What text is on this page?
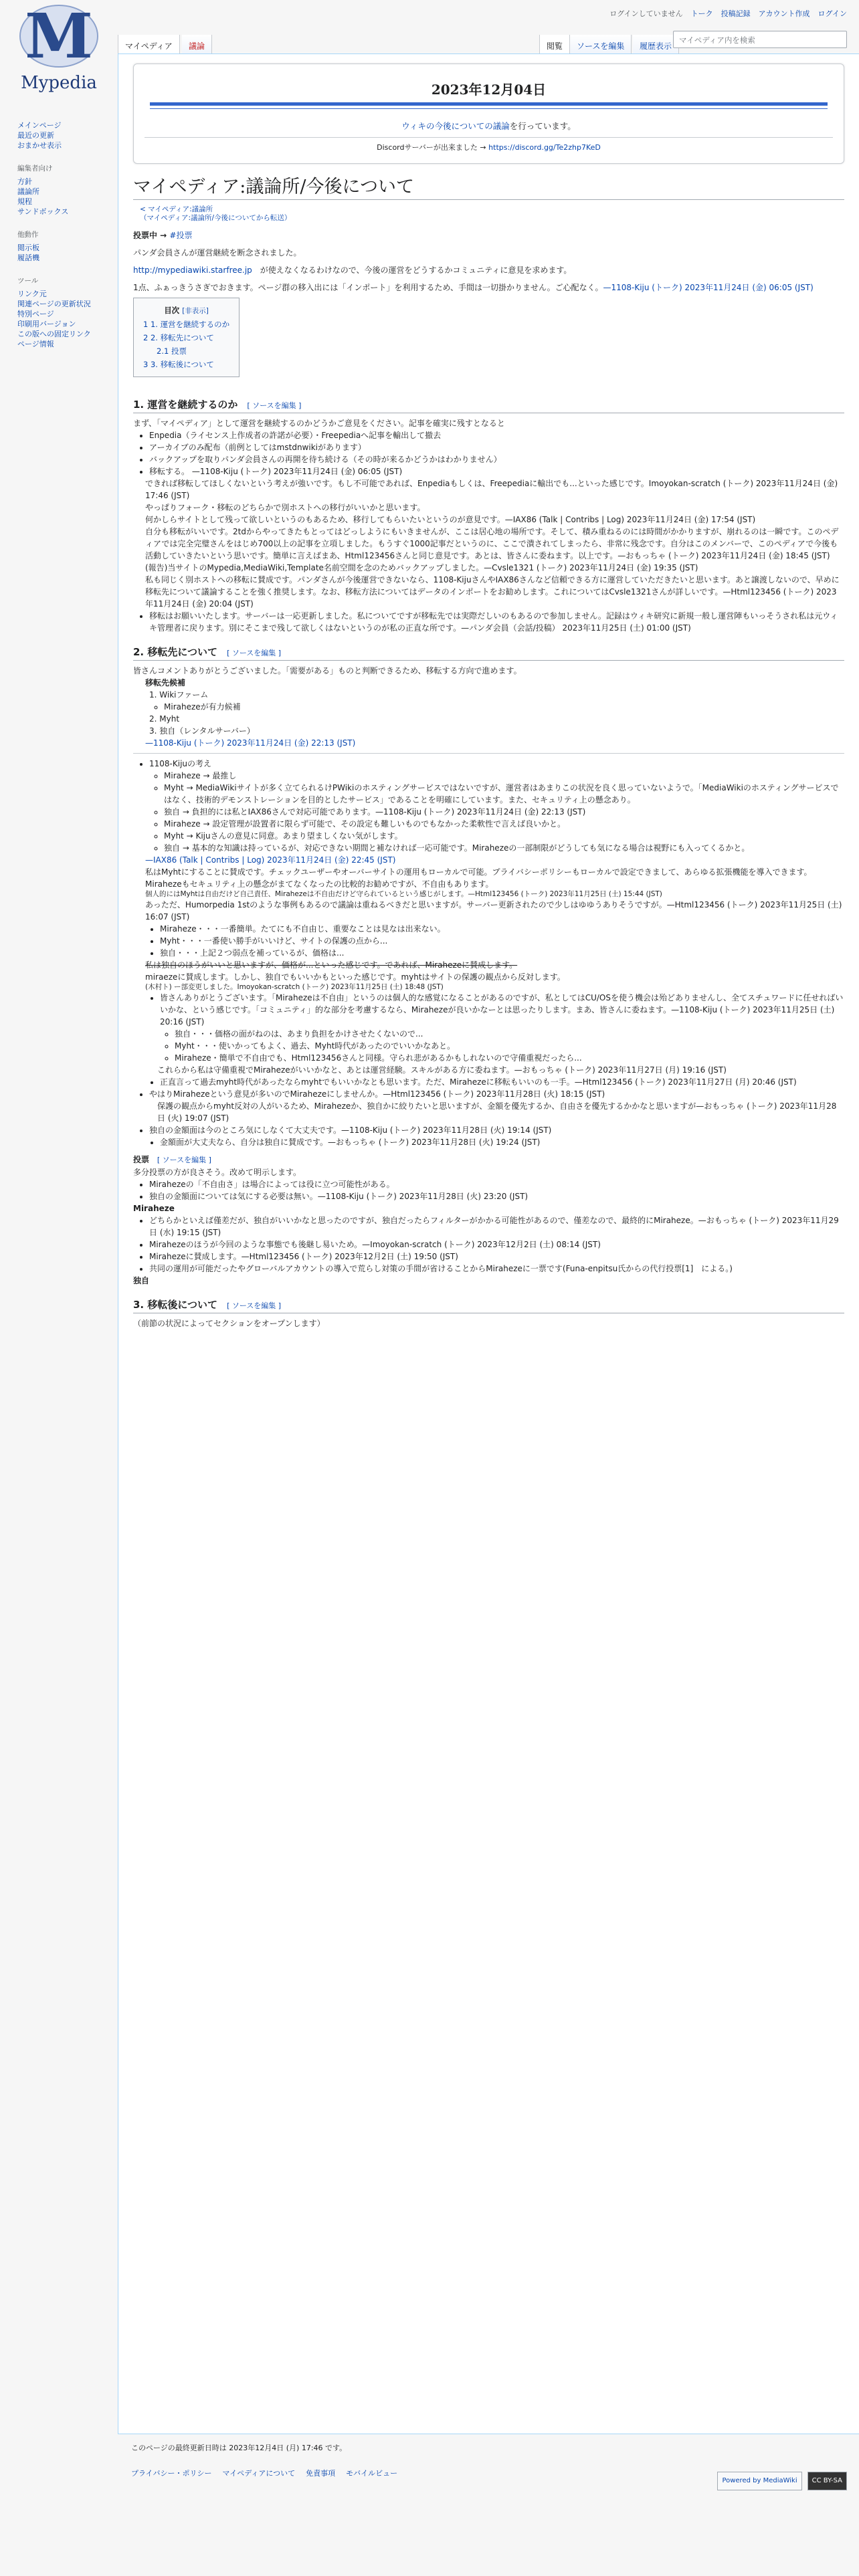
M
Mypedia
ログインしていません トーク 投稿記録 アカウント作成 ログイン
マイペディア	議論	閲覧	ソースを編集	履歴表示
マイペディア内を検索
メインページ
最近の更新
おまかせ表示
編集者向け
方針
議論所
規程
サンドボックス
他動作
閲示板
履話機
ツール
リンク元
関連ページの更新状況
特別ページ
印刷用バージョン
この版への固定リンク
ページ情報
2023年12月04日
ウィキの今後についての議論を行っています。
Discordサーバーが出来ました → https://discord.gg/Te2zhp7KeD
マイペディア:議論所/今後について
< マイペディア:議論所
（マイペディア:議論所/今後についてから転送）

投票中 → #投票

パンダ会員さんが運営継続を断念されました。

http://mypediawiki.starfree.jp　が使えなくなるわけなので、今後の運営をどうするかコミュニティに意見を求めます。

1点、ふぁっきうさぎでおきます。ページ群の移入出には「インポート」を利用するため、手間は一切掛かりません。ご心配なく。—1108-Kiju (トーク) 2023年11月24日 (金) 06:05 (JST)

目次 [非表示]
1 1. 運営を継続するのか
2 2. 移転先について
2.1 投票
3 3. 移転後について
1. 運営を継続するのか [ ソースを編集 ]

まず、「マイペディア」として運営を継続するのかどうかご意見をください。記事を確実に残すとなると

• Enpedia（ライセンス上作成者の許諾が必要）・Freepediaへ記事を輸出して撤去
• アーカイブのみ配布（前例としてはmstdnwikiがあります）
• バックアップを取りパンダ会員さんの再開を待ち続ける（その時が来るかどうかはわかりません）
• 移転する。 —1108-Kiju (トーク) 2023年11月24日 (金) 06:05 (JST)

できれば移転してほしくないという考えが強いです。もし不可能であれば、Enpediaもしくは、Freepediaに輸出でも...といった感じです。Imoyokan-scratch (トーク) 2023年11月24日 (金) 17:46 (JST)

やっぱりフォーク・移転のどちらかで別ホストへの移行がいいかと思います。

何かしらサイトとして残って欲しいというのもあるため、移行してもらいたいというのが意見です。—IAX86 (Talk | Contribs | Log) 2023年11月24日 (金) 17:54 (JST)

自分も移転がいいです。2tdからやってきたもとってはどっしようにもいきませんが、ここは居心地の場所です。そして、積み重ねるのには時間がかかりますが、崩れるのは一瞬です。このペディアでは完全完璧さんをはじめ700以上の記事を立項しました。もうすぐ1000記事だというのに、ここで潰されてしまったら、非常に残念です。自分はこのメンバーで、このペディアで今後も活動していきたいという思いです。簡単に言えばまあ、Html123456さんと同じ意見です。あとは、皆さんに委ねます。以上です。—おもっちゃ (トーク) 2023年11月24日 (金) 18:45 (JST)

(報告)当サイトのMypedia,MediaWiki,Template名前空間を念のためバックアップしました。—Cvsle1321 (トーク) 2023年11月24日 (金) 19:35 (JST)

私も同じく別ホストへの移転に賛成です。パンダさんが今後運営できないなら、1108-KijuさんやIAX86さんなど信頼できる方に運営していただきたいと思います。あと譲渡しないので、早めに移転先について議論することを強く推奨します。なお、移転方法についてはデータのインポートをお勧めします。これについてはCvsle1321さんが詳しいです。—Html123456 (トーク) 2023年11月24日 (金) 20:04 (JST)

• 移転はお願いいたします。サーバーは一応更新しました。私についてですが移転先では実際だしいのもあるので参加しません。記録はウィキ研究に新規一般し運営陣もいっそうされ私は元ウィキ管理者に戻ります。別にそこまで残して欲しくはないというのが私の正直な所です。—パンダ会員（会話/投稿） 2023年11月25日 (土) 01:00 (JST)
2. 移転先について [ ソースを編集 ]

皆さんコメントありがとうございました。「需要がある」ものと判断できるため、移転する方向で進めます。

移転先候補

1. Wikiファーム
◦ Mirahezeが有力候補
2. Myht
3. 独自（レンタルサーバー）

—1108-Kiju (トーク) 2023年11月24日 (金) 22:13 (JST)

• 1108-Kijuの考え
◦ Miraheze → 最推し
◦ Myht → MediaWikiサイトが多く立てられるけPWikiのホスティングサービスではないですが、運営者はあまりこの状況を良く思っていないようで。「MediaWikiのホスティングサービスではなく、技術的デモンストレーションを目的としたサービス」であることを明確にしています。また、セキュリティ上の懸念あり。
◦ 独自 → 負担的には私とIAX86さんで対応可能であります。—1108-Kiju (トーク) 2023年11月24日 (金) 22:13 (JST)
◦ Miraheze → 設定管理が設置者に限らず可能で、その設定も難しいものでもなかった柔軟性で言えば良いかと。
◦ Myht → Kijuさんの意見に同意。あまり望ましくない気がします。
◦ 独自 → 基本的な知識は持っているが、対応できない期間と補なければ一応可能です。Mirahezeの一部制限がどうしても気になる場合は視野にも入ってくるかと。

—IAX86 (Talk | Contribs | Log) 2023年11月24日 (金) 22:45 (JST)

私はMyhtにすることに賛成です。チェックユーザーやオーバーサイトの運用もローカルで可能。プライバシーポリシーもローカルで設定できまして、あらゆる拡張機能を導入できます。Mirahezeもセキュリティ上の懸念がまてなくなったの比較的お勧めですが、不自由もあります。

個人的にはMyhtは自由だけど自己責任、Mirahezeは不自由だけど守られているという感じがします。—Html123456 (トーク) 2023年11月25日 (土) 15:44 (JST)

あっただ、Humorpedia 1stのような事例もあるので議論は重ねるべきだと思いますが。サーバー更新されたので少しはゆゆうありそうですが。—Html123456 (トーク) 2023年11月25日 (土) 16:07 (JST)

• Miraheze・・・一番簡単。たてにも不自由じ、重要なことは見なは出来ない。
• Myht・・・一番使い勝手がいいけど、サイトの保護の点から...
• 独自・・・上記２つ弱点を補っているが、価格は...

私は独自のほうがいいと思いますが、価格が...といった感じです。であれば、Mirahezeに賛成します。

miraezeに賛成します。しかし、独自でもいいかもといった感じです。myhtはサイトの保護の観点から反対します。

(木村ト) ー部変更しました。Imoyokan-scratch (トーク) 2023年11月25日 (土) 18:48 (JST)

• 皆さんありがとうございます。「Mirahezeは不自由」というのは個人的な感覚になることがあるのですが、私としてはCU/OSを使う機会は殆どありませんし、全てスチュワードに任せればいいかな、という感じです。「コミュニティ」的な部分を考慮するなら、Mirahezeが良いかなーとは思ったりします。まあ、皆さんに委ねます。—1108-Kiju (トーク) 2023年11月25日 (土) 20:16 (JST)
◦ 独自・・・価格の面がねのは、あまり負担をかけさせたくないので...
◦ Myht・・・使いかってもよく、過去、Myht時代があったのでいいかなあと。
◦ Miraheze・簡単で不自由でも、Html123456さんと同様。守られ悲があるかもしれないので守備重視だったら...

これらから私は守備重視でMirahezeがいいかなと、あとは運営経験。スキルがある方に委ねます。—おもっちゃ (トーク) 2023年11月27日 (月) 19:16 (JST)

• 正直言って過去myht時代があったならmyhtでもいいかなとも思います。ただ、Mirahezeに移転もいいのも一手。—Html123456 (トーク) 2023年11月27日 (月) 20:46 (JST)
• やはりMirahezeという意見が多いのでMirahezeにしませんか。—Html123456 (トーク) 2023年11月28日 (火) 18:15 (JST)

保護の観点からmyht反対の人がいるため、Mirahezeか、独自かに絞りたいと思いますが、金額を優先するか、自由さを優先するかかなと思いますが—おもっちゃ (トーク) 2023年11月28日 (火) 19:07 (JST)

• 独自の金額面は今のところ気にしなくて大丈夫です。—1108-Kiju (トーク) 2023年11月28日 (火) 19:14 (JST)
• 金額面が大丈夫なら、自分は独自に賛成です。—おもっちゃ (トーク) 2023年11月28日 (火) 19:24 (JST)

投票 [ ソースを編集 ]

多分投票の方が良さそう。改めて明示します。

• Mirahezeの「不自由さ」は場合によっては役に立つ可能性がある。
• 独自の金額面については気にする必要は無い。—1108-Kiju (トーク) 2023年11月28日 (火) 23:20 (JST)

Miraheze

• どちらかといえば僅差だが、独自がいいかなと思ったのですが、独自だったらフィルターがかかる可能性があるので、僅差なので、最終的にMiraheze。—おもっちゃ (トーク) 2023年11月29日 (水) 19:15 (JST)
• Mirahezeのほうが今回のような事態でも後継し易いため。—Imoyokan-scratch (トーク) 2023年12月2日 (土) 08:14 (JST)
• Mirahezeに賛成します。—Html123456 (トーク) 2023年12月2日 (土) 19:50 (JST)
• 共同の運用が可能だったやグローバルアカウントの導入で荒らし対策の手間が省けることからMirahezeに一票です(Funa-enpitsu氏からの代行投票[1]　による。)

独自

3. 移転後について [ ソースを編集 ]

（前節の状況によってセクションをオープンします）

このページの最終更新日時は 2023年12月4日 (月) 17:46 です。
プライバシー・ポリシー マイペディアについて 免責事項 モバイルビュー
Powered by MediaWiki	CC BY-SA
